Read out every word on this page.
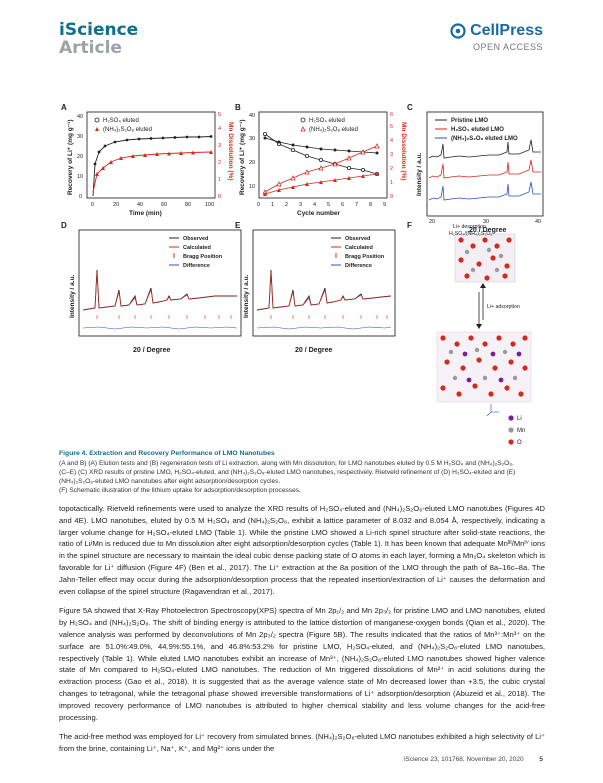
iScience
Article
CellPress
OPEN ACCESS
A
H₂SO₄ eluted
(NH₄)₂S₂O₈ eluted
Recovery of Li⁺ (mg g⁻¹)	Mn Dissolution (%)
Time (min)
0	20	40	60	80	100
0
10
20
30
40
0
1
2
3
4
5
B
H₂SO₄ eluted
(NH₄)₂S₂O₈ eluted
Recovery of Li⁺ (mg g⁻¹)	Mn Dissolution (%)
Cycle number
0 1 2 3 4 5 6 7 8 9
10
20
30
40
0
1
2
3
4
5
6
C
Pristine LMO
H₂SO₄ eluted LMO
(NH₄)₂S₂O₈ eluted LMO
Intensity / a.u.
20 / Degree
20	30	40
D
Observed
Calculated
Bragg Position
Difference
Intensity / a.u.
20 / Degree
E
Observed
Calculated
Bragg Position
Difference
Intensity / a.u.
20 / Degree
F	Li+ desorption
H₂SO₄/(NH₄)₂S₂O₈
Li+ adsorption
Li
Mn
O
Figure 4. Extraction and Recovery Performance of LMO Nanotubes

(A and B) (A) Elution tests and (B) regeneration tests of Li extraction, along with Mn dissolution, for LMO nanotubes eluted by 0.5 M H₂SO₄ and (NH₄)₂S₂O₈.

(C–E) (C) XRD results of pristine LMO, H₂SO₄-eluted, and (NH₄)₂S₂O₈-eluted LMO nanotubes, respectively. Rietveld refinement of (D) H₂SO₄-eluted and (E) (NH₄)₂S₂O₈-eluted LMO nanotubes after eight adsorption/desorption cycles.

(F) Schematic illustration of the lithium uptake for adsorption/desorption processes.

topotactically. Rietveld refinements were used to analyze the XRD results of H₂SO₄-eluted and (NH₄)₂S₂O₈-eluted LMO nanotubes (Figures 4D and 4E). LMO nanotubes, eluted by 0.5 M H₂SO₄ and (NH₄)₂S₂O₈, exhibit a lattice parameter of 8.032 and 8.054 Å, respectively, indicating a larger volume change for H₂SO₄-eluted LMO (Table 1). While the pristine LMO showed a Li-rich spinel structure after solid-state reactions, the ratio of Li/Mn is reduced due to Mn dissolution after eight adsorption/desorption cycles (Table 1). It has been known that adequate Mnᴵᴵᴵ/Mnᴵⱽ ions in the spinel structure are necessary to maintain the ideal cubic dense packing state of O atoms in each layer, forming a Mn₂O₄ skeleton which is favorable for Li⁺ diffusion (Figure 4F) (Ben et al., 2017). The Li⁺ extraction at the 8a position of the LMO through the path of 8a–16c–8a. The Jahn-Teller effect may occur during the adsorption/desorption process that the repeated insertion/extraction of Li⁺ causes the deformation and even collapse of the spinel structure (Ragavendran et al., 2017).

Figure 5A showed that X-Ray Photoelectron Spectroscopy(XPS) spectra of Mn 2p₁/₂ and Mn 2p₃/₂ for pristine LMO and LMO nanotubes, eluted by H₂SO₄ and (NH₄)₂S₂O₈. The shift of binding energy is attributed to the lattice distortion of manganese-oxygen bonds (Qian et al., 2020). The valence analysis was performed by deconvolutions of Mn 2p₃/₂ spectra (Figure 5B). The results indicated that the ratios of Mn³⁺:Mn³⁺ on the surface are 51.0%:49.0%, 44.9%:55.1%, and 46.8%:53.2% for pristine LMO, H₂SO₄-eluted, and (NH₄)₂S₂O₈-eluted LMO nanotubes, respectively (Table 1). While eluted LMO nanotubes exhibit an increase of Mn³⁺, (NH₄)₂S₂O₈-eluted LMO nanotubes showed higher valence state of Mn compared to H₂SO₄-eluted LMO nanotubes. The reduction of Mn triggered dissolutions of Mn²⁺ in acid solutions during the extraction process (Gao et al., 2018). It is suggested that as the average valence state of Mn decreased lower than +3.5, the cubic crystal changes to tetragonal, while the tetragonal phase showed irreversible transformations of Li⁺ adsorption/desorption (Abuzeid et al., 2018). The improved recovery performance of LMO nanotubes is attributed to higher chemical stability and less volume changes for the acid-free processing.

The acid-free method was employed for Li⁺ recovery from simulated brines. (NH₄)₂S₂O₈-eluted LMO nanotubes exhibited a high selectivity of Li⁺ from the brine, containing Li⁺, Na⁺, K⁺, and Mg²⁺ ions under the

iScience 23, 101768, November 20, 2020 5
